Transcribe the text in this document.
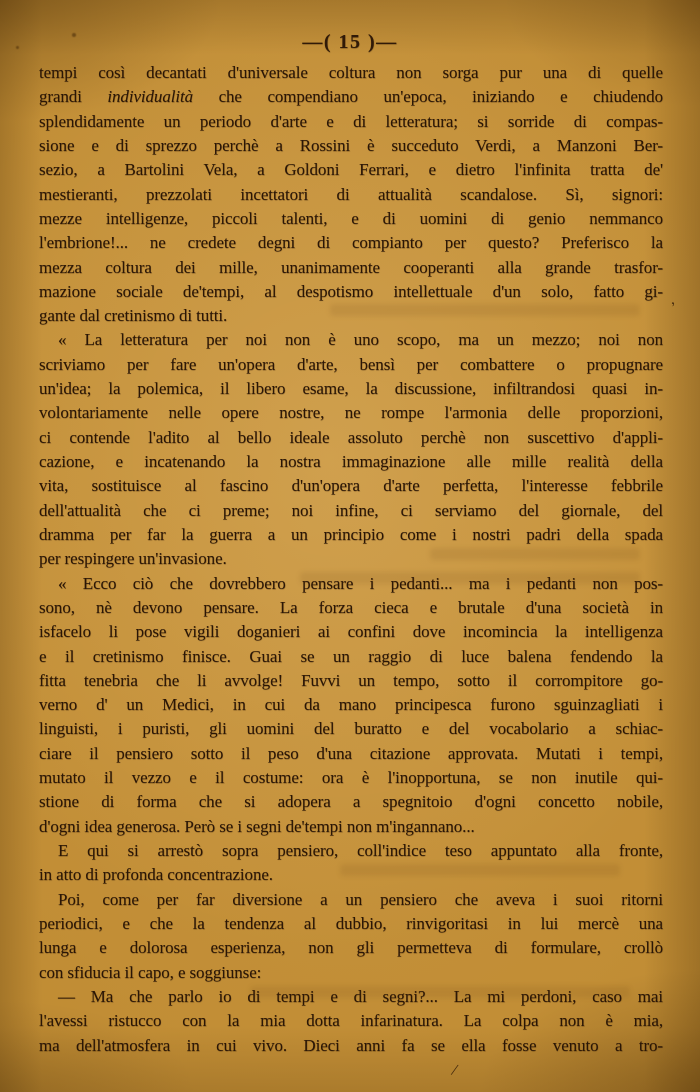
—( 15 )—
tempi così decantati d'universale coltura non sorga pur una di quelle
grandi individualità che compendiano un'epoca, iniziando e chiudendo
splendidamente un periodo d'arte e di letteratura; si sorride di compas-
sione e di sprezzo perchè a Rossini è succeduto Verdi, a Manzoni Ber-
sezio, a Bartolini Vela, a Goldoni Ferrari, e dietro l'infinita tratta de'
mestieranti, prezzolati incettatori di attualità scandalose. Sì, signori:
mezze intelligenze, piccoli talenti, e di uomini di genio nemmanco
l'embrione!... ne credete degni di compianto per questo? Preferisco la
mezza coltura dei mille, unanimamente cooperanti alla grande trasfor-
mazione sociale de'tempi, al despotismo intellettuale d'un solo, fatto gi-
gante dal cretinismo di tutti.
« La letteratura per noi non è uno scopo, ma un mezzo; noi non
scriviamo per fare un'opera d'arte, bensì per combattere o propugnare
un'idea; la polemica, il libero esame, la discussione, infiltrandosi quasi in-
volontariamente nelle opere nostre, ne rompe l'armonia delle proporzioni,
ci contende l'adito al bello ideale assoluto perchè non suscettivo d'appli-
cazione, e incatenando la nostra immaginazione alle mille realità della
vita, sostituisce al fascino d'un'opera d'arte perfetta, l'interesse febbrile
dell'attualità che ci preme; noi infine, ci serviamo del giornale, del
dramma per far la guerra a un principio come i nostri padri della spada
per respingere un'invasione.
« Ecco ciò che dovrebbero pensare i pedanti... ma i pedanti non pos-
sono, nè devono pensare. La forza cieca e brutale d'una società in
isfacelo li pose vigili doganieri ai confini dove incomincia la intelligenza
e il cretinismo finisce. Guai se un raggio di luce balena fendendo la
fitta tenebria che li avvolge! Fuvvi un tempo, sotto il corrompitore go-
verno d' un Medici, in cui da mano principesca furono sguinzagliati i
linguisti, i puristi, gli uomini del buratto e del vocabolario a schiac-
ciare il pensiero sotto il peso d'una citazione approvata. Mutati i tempi,
mutato il vezzo e il costume: ora è l'inopportuna, se non inutile qui-
stione di forma che si adopera a spegnitoio d'ogni concetto nobile,
d'ogni idea generosa. Però se i segni de'tempi non m'ingannano...
E qui si arrestò sopra pensiero, coll'indice teso appuntato alla fronte,
in atto di profonda concentrazione.
Poi, come per far diversione a un pensiero che aveva i suoi ritorni
periodici, e che la tendenza al dubbio, rinvigoritasi in lui mercè una
lunga e dolorosa esperienza, non gli permetteva di formulare, crollò
con sfiducia il capo, e soggiunse:
— Ma che parlo io di tempi e di segni?... La mi perdoni, caso mai
l'avessi ristucco con la mia dotta infarinatura. La colpa non è mia,
ma dell'atmosfera in cui vivo. Dieci anni fa se ella fosse venuto a tro-
/
’
